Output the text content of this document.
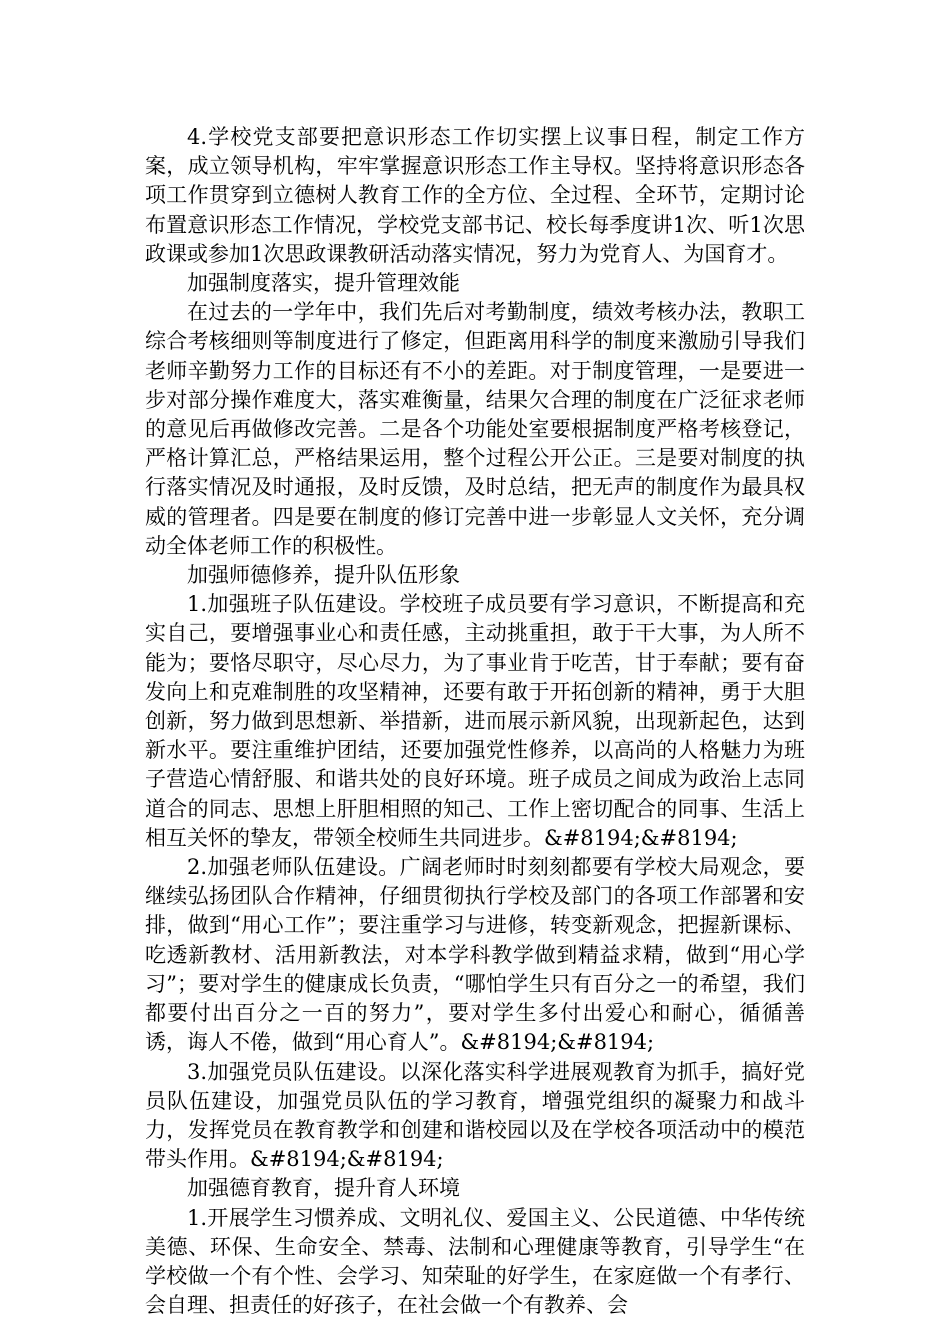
4.学校党支部要把意识形态工作切实摆上议事日程，制定工作方案，成立领导机构，牢牢掌握意识形态工作主导权。坚持将意识形态各项工作贯穿到立德树人教育工作的全方位、全过程、全环节，定期讨论布置意识形态工作情况，学校党支部书记、校长每季度讲1次、听1次思政课或参加1次思政课教研活动落实情况，努力为党育人、为国育才。

加强制度落实，提升管理效能

在过去的一学年中，我们先后对考勤制度，绩效考核办法，教职工综合考核细则等制度进行了修定，但距离用科学的制度来激励引导我们老师辛勤努力工作的目标还有不小的差距。对于制度管理，一是要进一步对部分操作难度大，落实难衡量，结果欠合理的制度在广泛征求老师的意见后再做修改完善。二是各个功能处室要根据制度严格考核登记，严格计算汇总，严格结果运用，整个过程公开公正。三是要对制度的执行落实情况及时通报，及时反馈，及时总结，把无声的制度作为最具权威的管理者。四是要在制度的修订完善中进一步彰显人文关怀，充分调动全体老师工作的积极性。

加强师德修养，提升队伍形象

1.加强班子队伍建设。学校班子成员要有学习意识，不断提高和充实自己，要增强事业心和责任感，主动挑重担，敢于干大事，为人所不能为；要恪尽职守，尽心尽力，为了事业肯于吃苦，甘于奉献；要有奋发向上和克难制胜的攻坚精神，还要有敢于开拓创新的精神，勇于大胆创新，努力做到思想新、举措新，进而展示新风貌，出现新起色，达到新水平。要注重维护团结，还要加强党性修养，以高尚的人格魅力为班子营造心情舒服、和谐共处的良好环境。班子成员之间成为政治上志同道合的同志、思想上肝胆相照的知己、工作上密切配合的同事、生活上相互关怀的挚友，带领全校师生共同进步。&#8194;&#8194;

2.加强老师队伍建设。广阔老师时时刻刻都要有学校大局观念，要继续弘扬团队合作精神，仔细贯彻执行学校及部门的各项工作部署和安排，做到“用心工作”；要注重学习与进修，转变新观念，把握新课标、吃透新教材、活用新教法，对本学科教学做到精益求精，做到“用心学习”；要对学生的健康成长负责，“哪怕学生只有百分之一的希望，我们都要付出百分之一百的努力”，要对学生多付出爱心和耐心，循循善诱，诲人不倦，做到“用心育人”。&#8194;&#8194;

3.加强党员队伍建设。以深化落实科学进展观教育为抓手，搞好党员队伍建设，加强党员队伍的学习教育，增强党组织的凝聚力和战斗力，发挥党员在教育教学和创建和谐校园以及在学校各项活动中的模范带头作用。&#8194;&#8194;

加强德育教育，提升育人环境

1.开展学生习惯养成、文明礼仪、爱国主义、公民道德、中华传统美德、环保、生命安全、禁毒、法制和心理健康等教育，引导学生“在学校做一个有个性、会学习、知荣耻的好学生，在家庭做一个有孝行、会自理、担责任的好孩子，在社会做一个有教养、会
